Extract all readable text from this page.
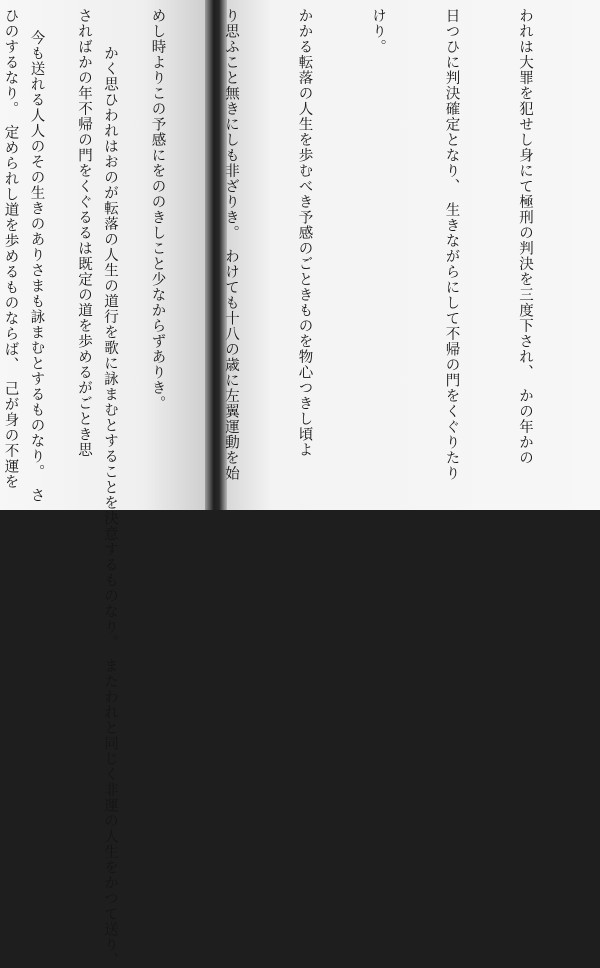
　かく思ひわれはおのが転落の人生の道行を歌に詠まむとすることを決意するものなり。　またわれと同じく非運の人生をかつて送り、

今も送れる人人のその生きのありさまも詠まむとするものなり。　さ

	われは大罪を犯せし身にて極刑の判決を三度下され、　かの年かの

日つひに判決確定となり、　生きながらにして不帰の門をくぐりたり

けり。

かかる転落の人生を歩むべき予感のごときものを物心つきし頃よ

り思ふこと無きにしも非ざりき。　わけても十八の歳に左翼運動を始

めし時よりこの予感にをののきしこと少なからずありき。

さればかの年不帰の門をくぐるるは既定の道を歩めるがごとき思

ひのするなり。　定められし道を歩めるものならば、　己が身の不運を
